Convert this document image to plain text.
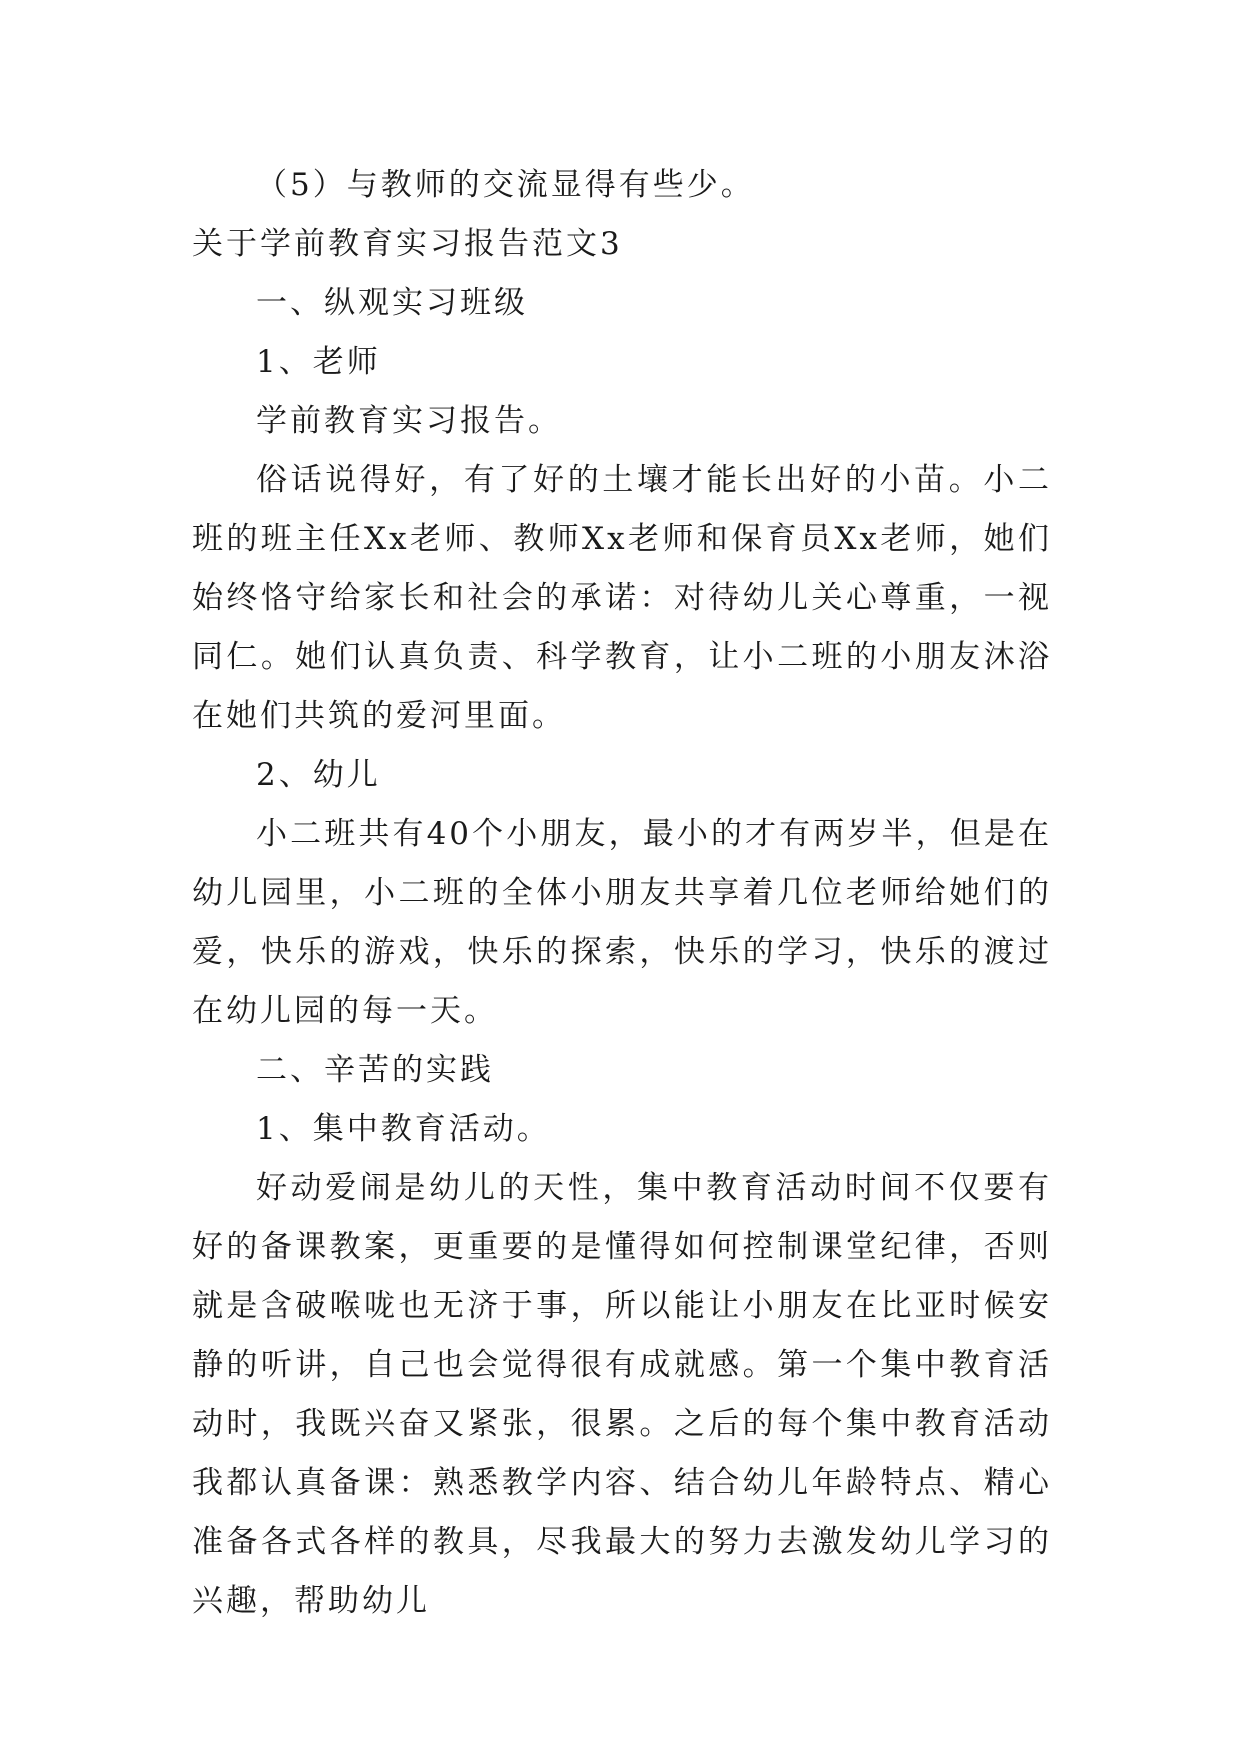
（5）与教师的交流显得有些少。

关于学前教育实习报告范文3

一、纵观实习班级

1、老师

学前教育实习报告。

俗话说得好，有了好的土壤才能长出好的小苗。小二班的班主任Xx老师、教师Xx老师和保育员Xx老师，她们始终恪守给家长和社会的承诺：对待幼儿关心尊重，一视同仁。她们认真负责、科学教育，让小二班的小朋友沐浴在她们共筑的爱河里面。

2、幼儿

小二班共有40个小朋友，最小的才有两岁半，但是在幼儿园里，小二班的全体小朋友共享着几位老师给她们的爱，快乐的游戏，快乐的探索，快乐的学习，快乐的渡过在幼儿园的每一天。

二、辛苦的实践

1、集中教育活动。

好动爱闹是幼儿的天性，集中教育活动时间不仅要有好的备课教案，更重要的是懂得如何控制课堂纪律，否则就是含破喉咙也无济于事，所以能让小朋友在比亚时候安静的听讲，自己也会觉得很有成就感。第一个集中教育活动时，我既兴奋又紧张，很累。之后的每个集中教育活动我都认真备课：熟悉教学内容、结合幼儿年龄特点、精心准备各式各样的教具，尽我最大的努力去激发幼儿学习的兴趣，帮助幼儿
